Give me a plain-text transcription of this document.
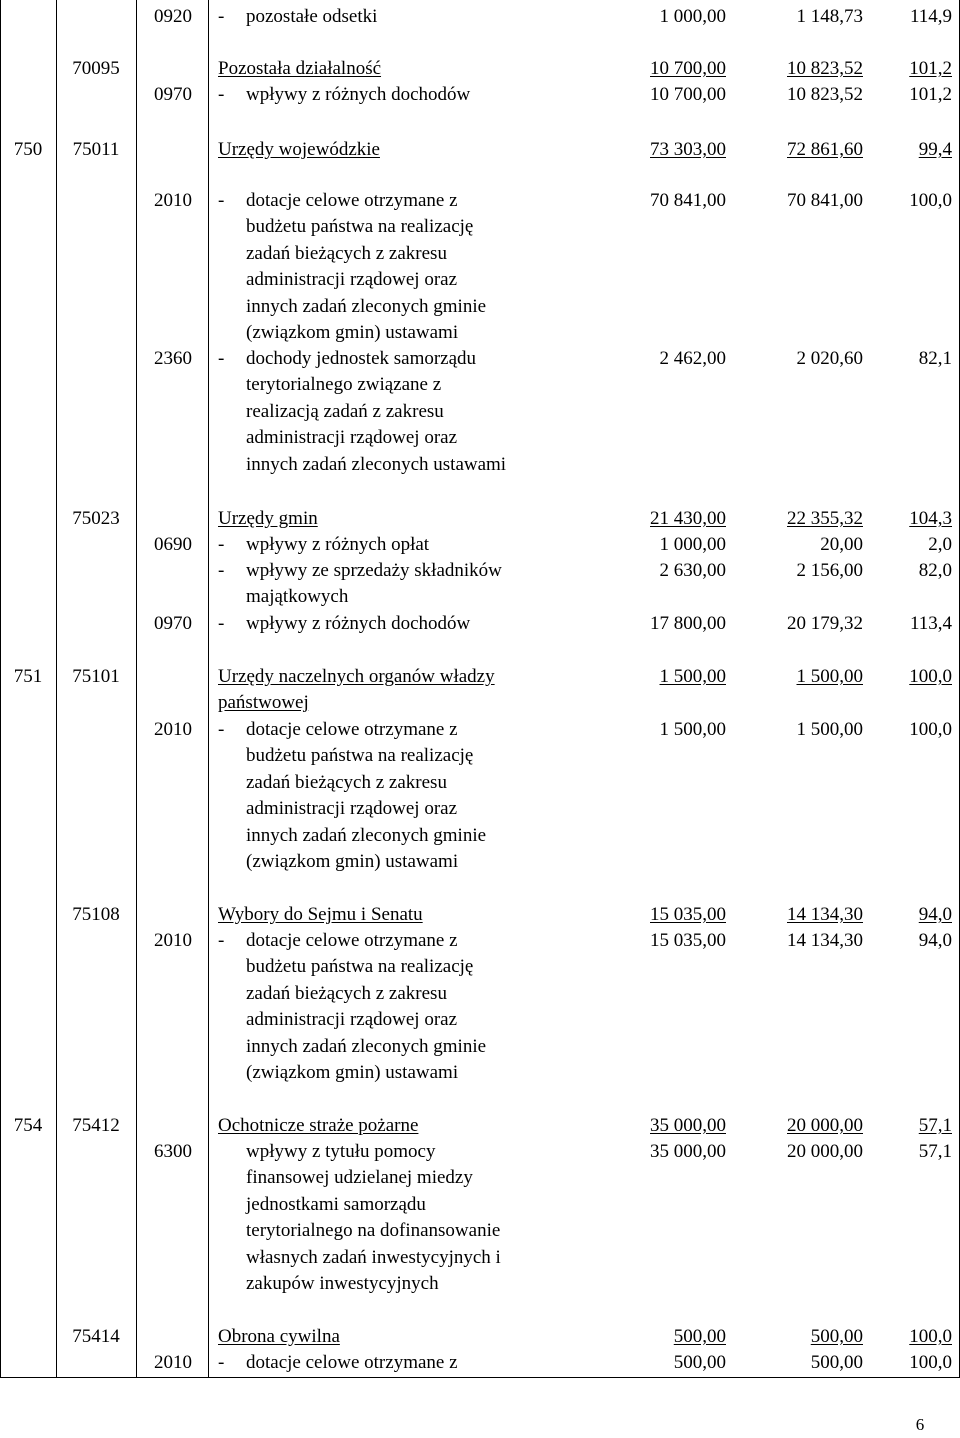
0920	- pozostałe odsetki	1 000,00	1 148,73	114,9
70095	Pozostała działalność	10 700,00	10 823,52	101,2
0970	- wpływy z różnych dochodów	10 700,00	10 823,52	101,2
750	75011	Urzędy wojewódzkie	73 303,00	72 861,60	99,4
2010	- dotacje celowe otrzymane z
budżetu państwa na realizację
zadań bieżących z zakresu
administracji rządowej oraz
innych zadań zleconych gminie
(związkom gmin) ustawami
70 841,00	70 841,00	100,0
2360	- dochody jednostek samorządu
terytorialnego związane z
realizacją zadań z zakresu
administracji rządowej oraz
innych zadań zleconych ustawami
2 462,00	2 020,60	82,1
75023	Urzędy gmin	21 430,00	22 355,32	104,3
0690	- wpływy z różnych opłat	1 000,00	20,00	2,0
- wpływy ze sprzedaży składników
majątkowych
2 630,00	2 156,00	82,0
0970	- wpływy z różnych dochodów	17 800,00	20 179,32	113,4
751	75101	Urzędy naczelnych organów władzy
państwowej
1 500,00	1 500,00	100,0
2010	- dotacje celowe otrzymane z
budżetu państwa na realizację
zadań bieżących z zakresu
administracji rządowej oraz
innych zadań zleconych gminie
(związkom gmin) ustawami
1 500,00	1 500,00	100,0
75108	Wybory do Sejmu i Senatu	15 035,00	14 134,30	94,0
2010	- dotacje celowe otrzymane z
budżetu państwa na realizację
zadań bieżących z zakresu
administracji rządowej oraz
innych zadań zleconych gminie
(związkom gmin) ustawami
15 035,00	14 134,30	94,0
754	75412	Ochotnicze straże pożarne	35 000,00	20 000,00	57,1
6300	wpływy z tytułu pomocy
finansowej udzielanej miedzy
jednostkami samorządu
terytorialnego na dofinansowanie
własnych zadań inwestycyjnych i
zakupów inwestycyjnych
35 000,00	20 000,00	57,1
75414	Obrona cywilna	500,00	500,00	100,0
2010	- dotacje celowe otrzymane z	500,00	500,00	100,0
6
